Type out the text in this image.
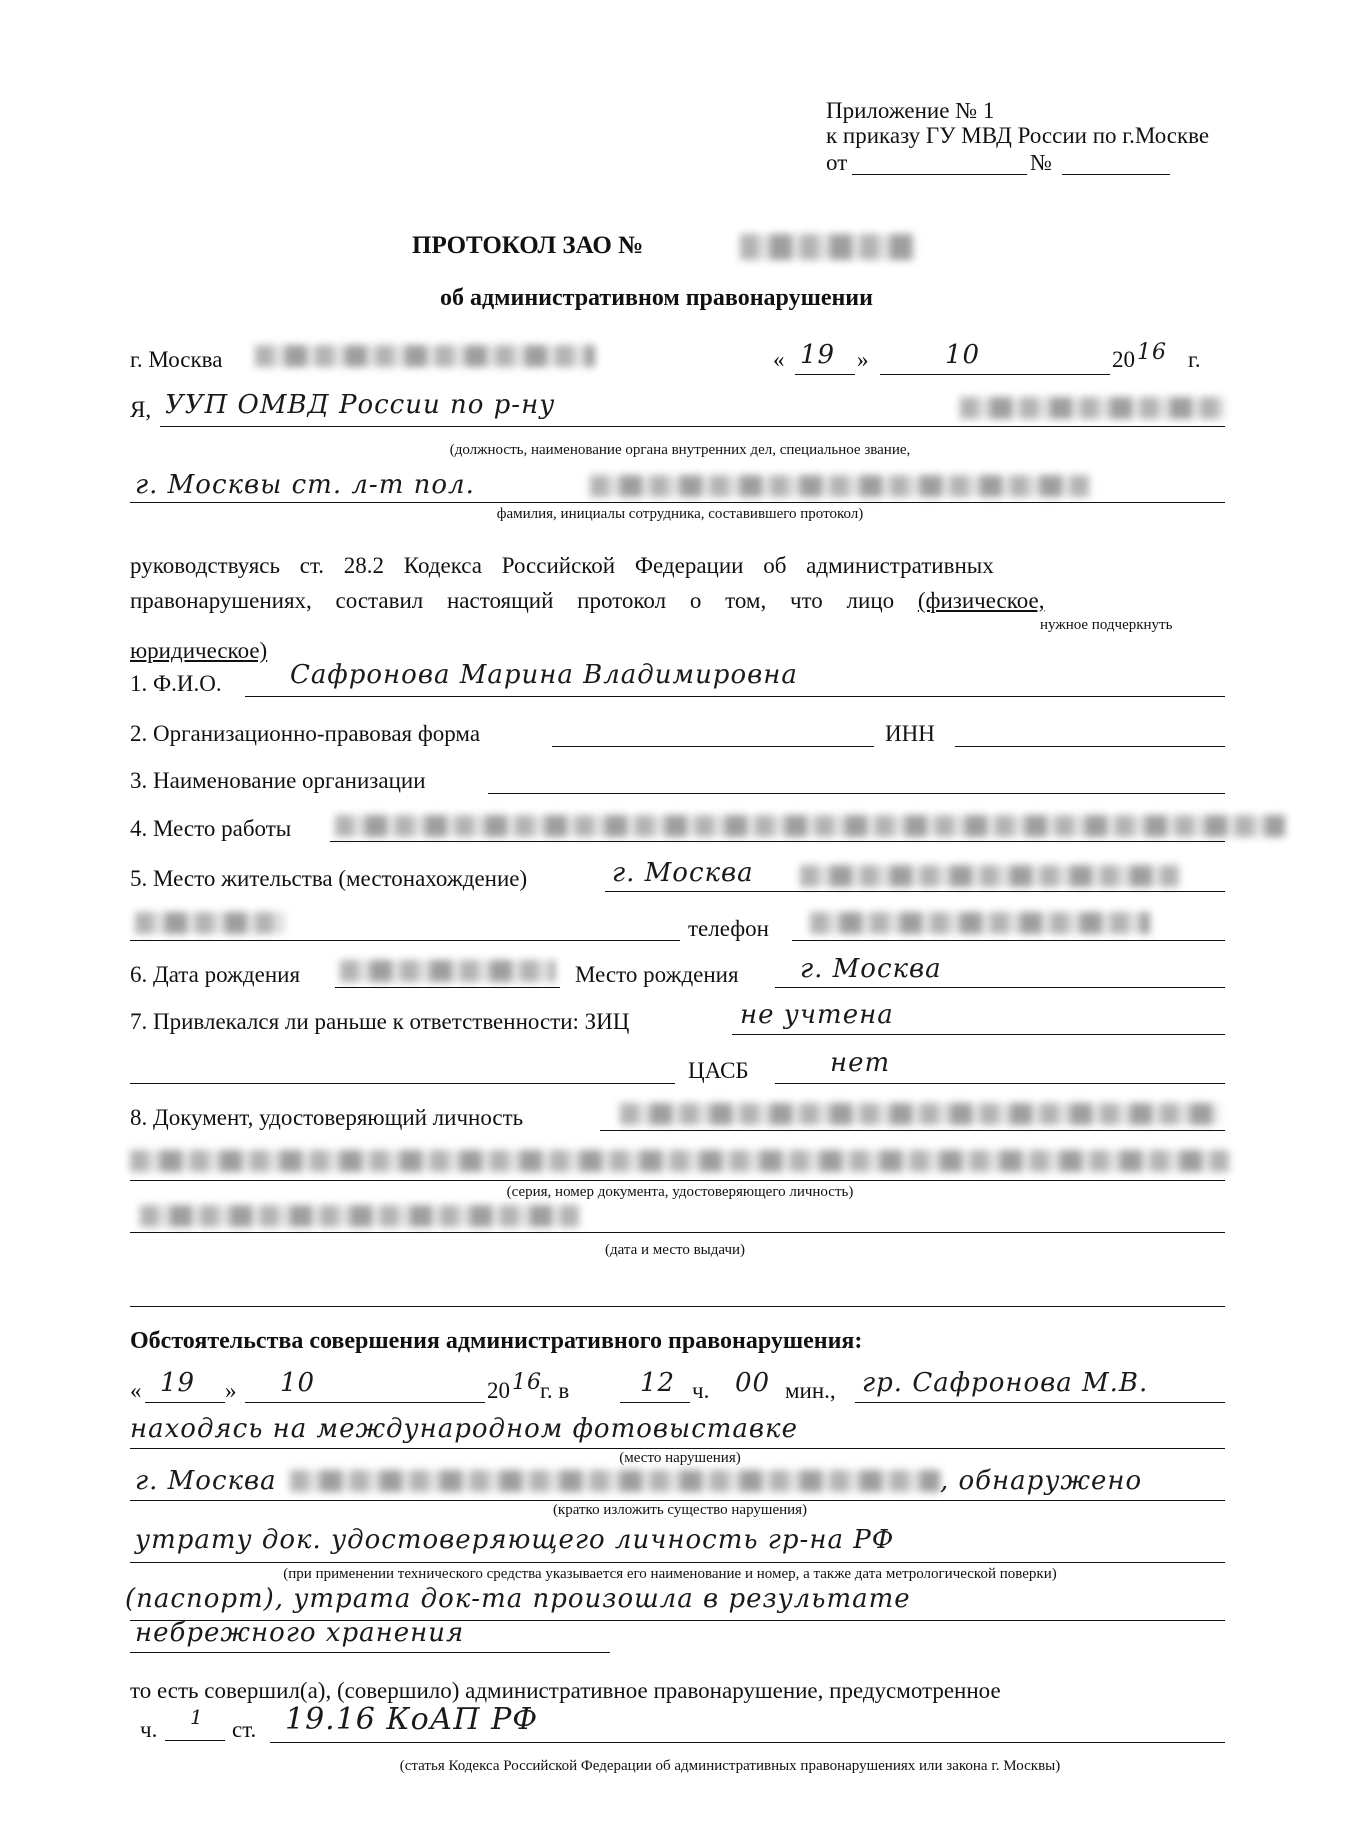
Приложение № 1
к приказу ГУ МВД России по г.Москве
от	№
ПРОТОКОЛ ЗАО №
об административном правонарушении
г. Москва	« 19 »	10	20 16 г.
Я, УУП ОМВД России по р-ну
(должность, наименование органа внутренних дел, специальное звание,
г. Москвы ст. л-т пол.
фамилия, инициалы сотрудника, составившего протокол)
руководствуясь ст. 28.2 Кодекса Российской Федерации об административных
правонарушениях, составил настоящий протокол о том, что лицо (физическое,
нужное подчеркнуть
юридическое)
1. Ф.И.О.	Сафронова Марина Владимировна
2. Организационно-правовая форма	ИНН
3. Наименование организации
4. Место работы
5. Место жительства (местонахождение)	г. Москва
телефон
6. Дата рождения	Место рождения г. Москва
7. Привлекался ли раньше к ответственности: ЗИЦ	не учтена
ЦАСБ	нет
8. Документ, удостоверяющий личность
(серия, номер документа, удостоверяющего личность)
(дата и место выдачи)
Обстоятельства совершения административного правонарушения:
« 19 » 10	20 16
г. в	12 ч. 00 мин., гр. Сафронова М.В.
находясь на международном фотовыставке
(место нарушения)
г. Москва	, обнаружено
(кратко изложить существо нарушения)
утрату док. удостоверяющего личность гр-на РФ
(при применении технического средства указывается его наименование и номер, а также дата метрологической поверки)
(паспорт), утрата док-та произошла в результате
небрежного хранения
то есть совершил(а), (совершило) административное правонарушение, предусмотренное
ч. 1 ст. 19.16 КоАП РФ
(статья Кодекса Российской Федерации об административных правонарушениях или закона г. Москвы)
